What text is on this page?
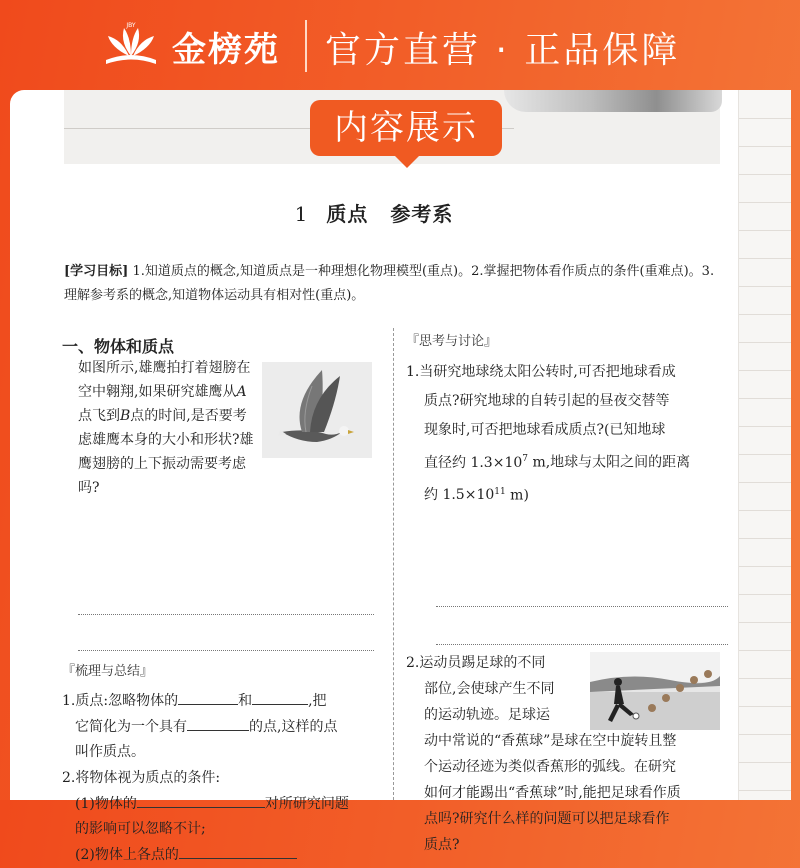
JBY
金榜苑 官方直营 · 正品保障
内容展示
1 质点 参考系
[学习目标] 1.知道质点的概念,知道质点是一种理想化物理模型(重点)。2.掌握把物体看作质点的条件(重难点)。3.理解参考系的概念,知道物体运动具有相对性(重点)。
一、物体和质点
如图所示,雄鹰拍打着翅膀在空中翱翔,如果研究雄鹰从A点飞到B点的时间,是否要考虑雄鹰本身的大小和形状?雄鹰翅膀的上下振动需要考虑吗?
『梳理与总结』
1.质点:忽略物体的	和	,把
它简化为一个具有	的点,这样的点
叫作质点。
2.将物体视为质点的条件:
(1)物体的	对所研究问题
的影响可以忽略不计;
(2)物体上各点的
『思考与讨论』
1.当研究地球绕太阳公转时,可否把地球看成
质点?研究地球的自转引起的昼夜交替等
现象时,可否把地球看成质点?(已知地球
直径约 $1.3\times 10^7$ m,地球与太阳之间的距离
约 $1.5\times 10^{11}$ m)
2.运动员踢足球的不同
部位,会使球产生不同
的运动轨迹。足球运
动中常说的“香蕉球”是球在空中旋转且整
个运动径迹为类似香蕉形的弧线。在研究
如何才能踢出“香蕉球”时,能把足球看作质
点吗?研究什么样的问题可以把足球看作
质点?
